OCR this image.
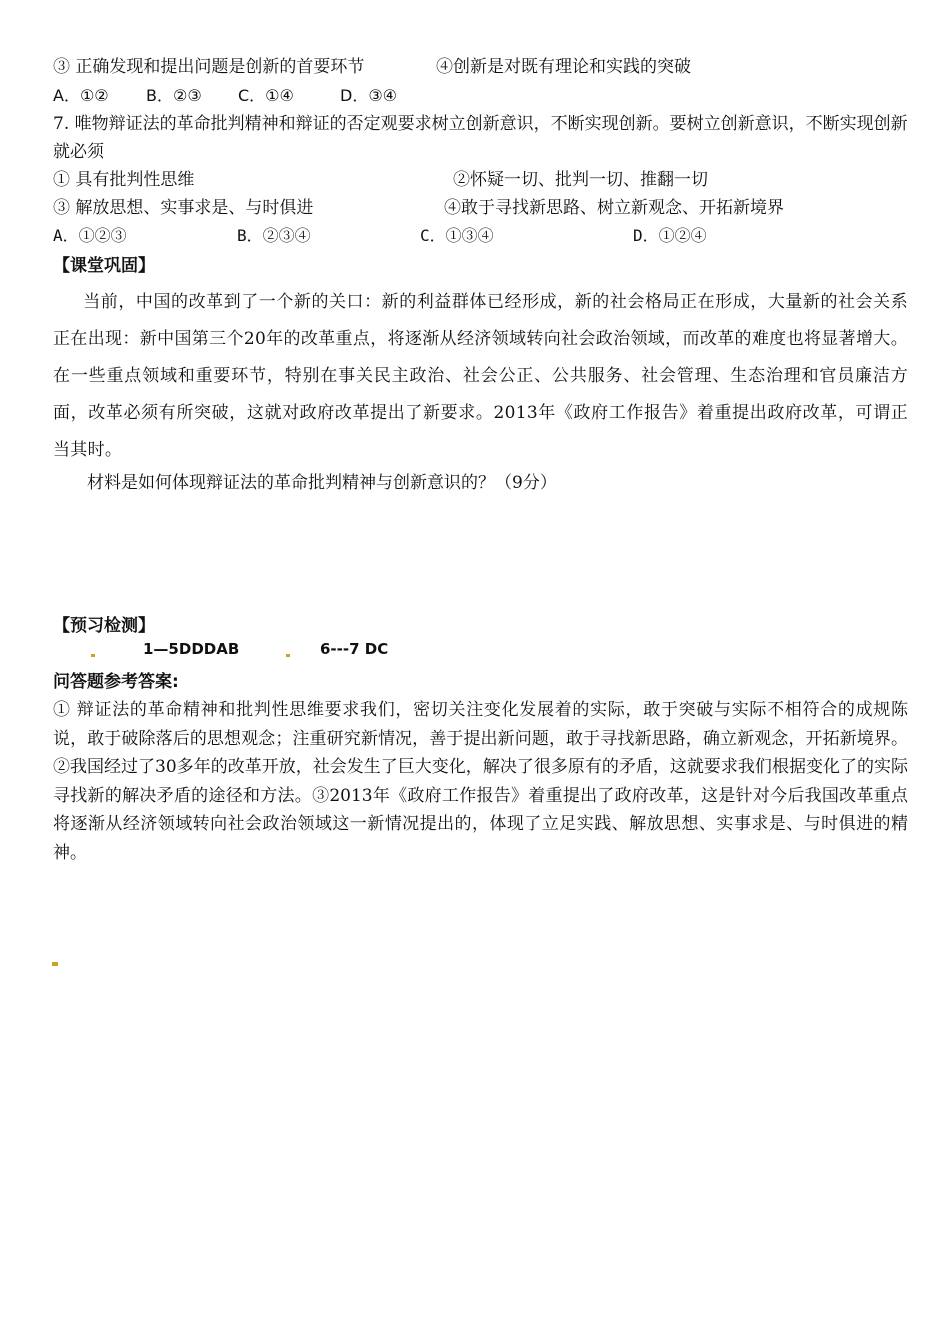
③ 正确发现和提出问题是创新的首要环节	④创新是对既有理论和实践的突破
A．①② B．②③ C．①④	D．③④
7. 唯物辩证法的革命批判精神和辩证的否定观要求树立创新意识，不断实现创新。要树立创新意识，不断实现创新就必须
① 具有批判性思维	②怀疑一切、批判一切、推翻一切
③ 解放思想、实事求是、与时俱进	④敢于寻找新思路、树立新观念、开拓新境界
A．①②③	B．②③④	C．①③④	D．①②④
【课堂巩固】
当前，中国的改革到了一个新的关口：新的利益群体已经形成，新的社会格局正在形成，大量新的社会关系正在出现：新中国第三个20年的改革重点，将逐渐从经济领域转向社会政治领域，而改革的难度也将显著增大。在一些重点领域和重要环节，特别在事关民主政治、社会公正、公共服务、社会管理、生态治理和官员廉洁方面，改革必须有所突破，这就对政府改革提出了新要求。2013年《政府工作报告》着重提出政府改革，可谓正当其时。
材料是如何体现辩证法的革命批判精神与创新意识的？（9分）
【预习检测】
1—5DDDAB	6---7 DC
问答题参考答案:
① 辩证法的革命精神和批判性思维要求我们，密切关注变化发展着的实际，敢于突破与实际不相符合的成规陈说，敢于破除落后的思想观念；注重研究新情况，善于提出新问题，敢于寻找新思路，确立新观念，开拓新境界。②我国经过了30多年的改革开放，社会发生了巨大变化，解决了很多原有的矛盾，这就要求我们根据变化了的实际寻找新的解决矛盾的途径和方法。③2013年《政府工作报告》着重提出了政府改革，这是针对今后我国改革重点将逐渐从经济领域转向社会政治领域这一新情况提出的，体现了立足实践、解放思想、实事求是、与时俱进的精神。
